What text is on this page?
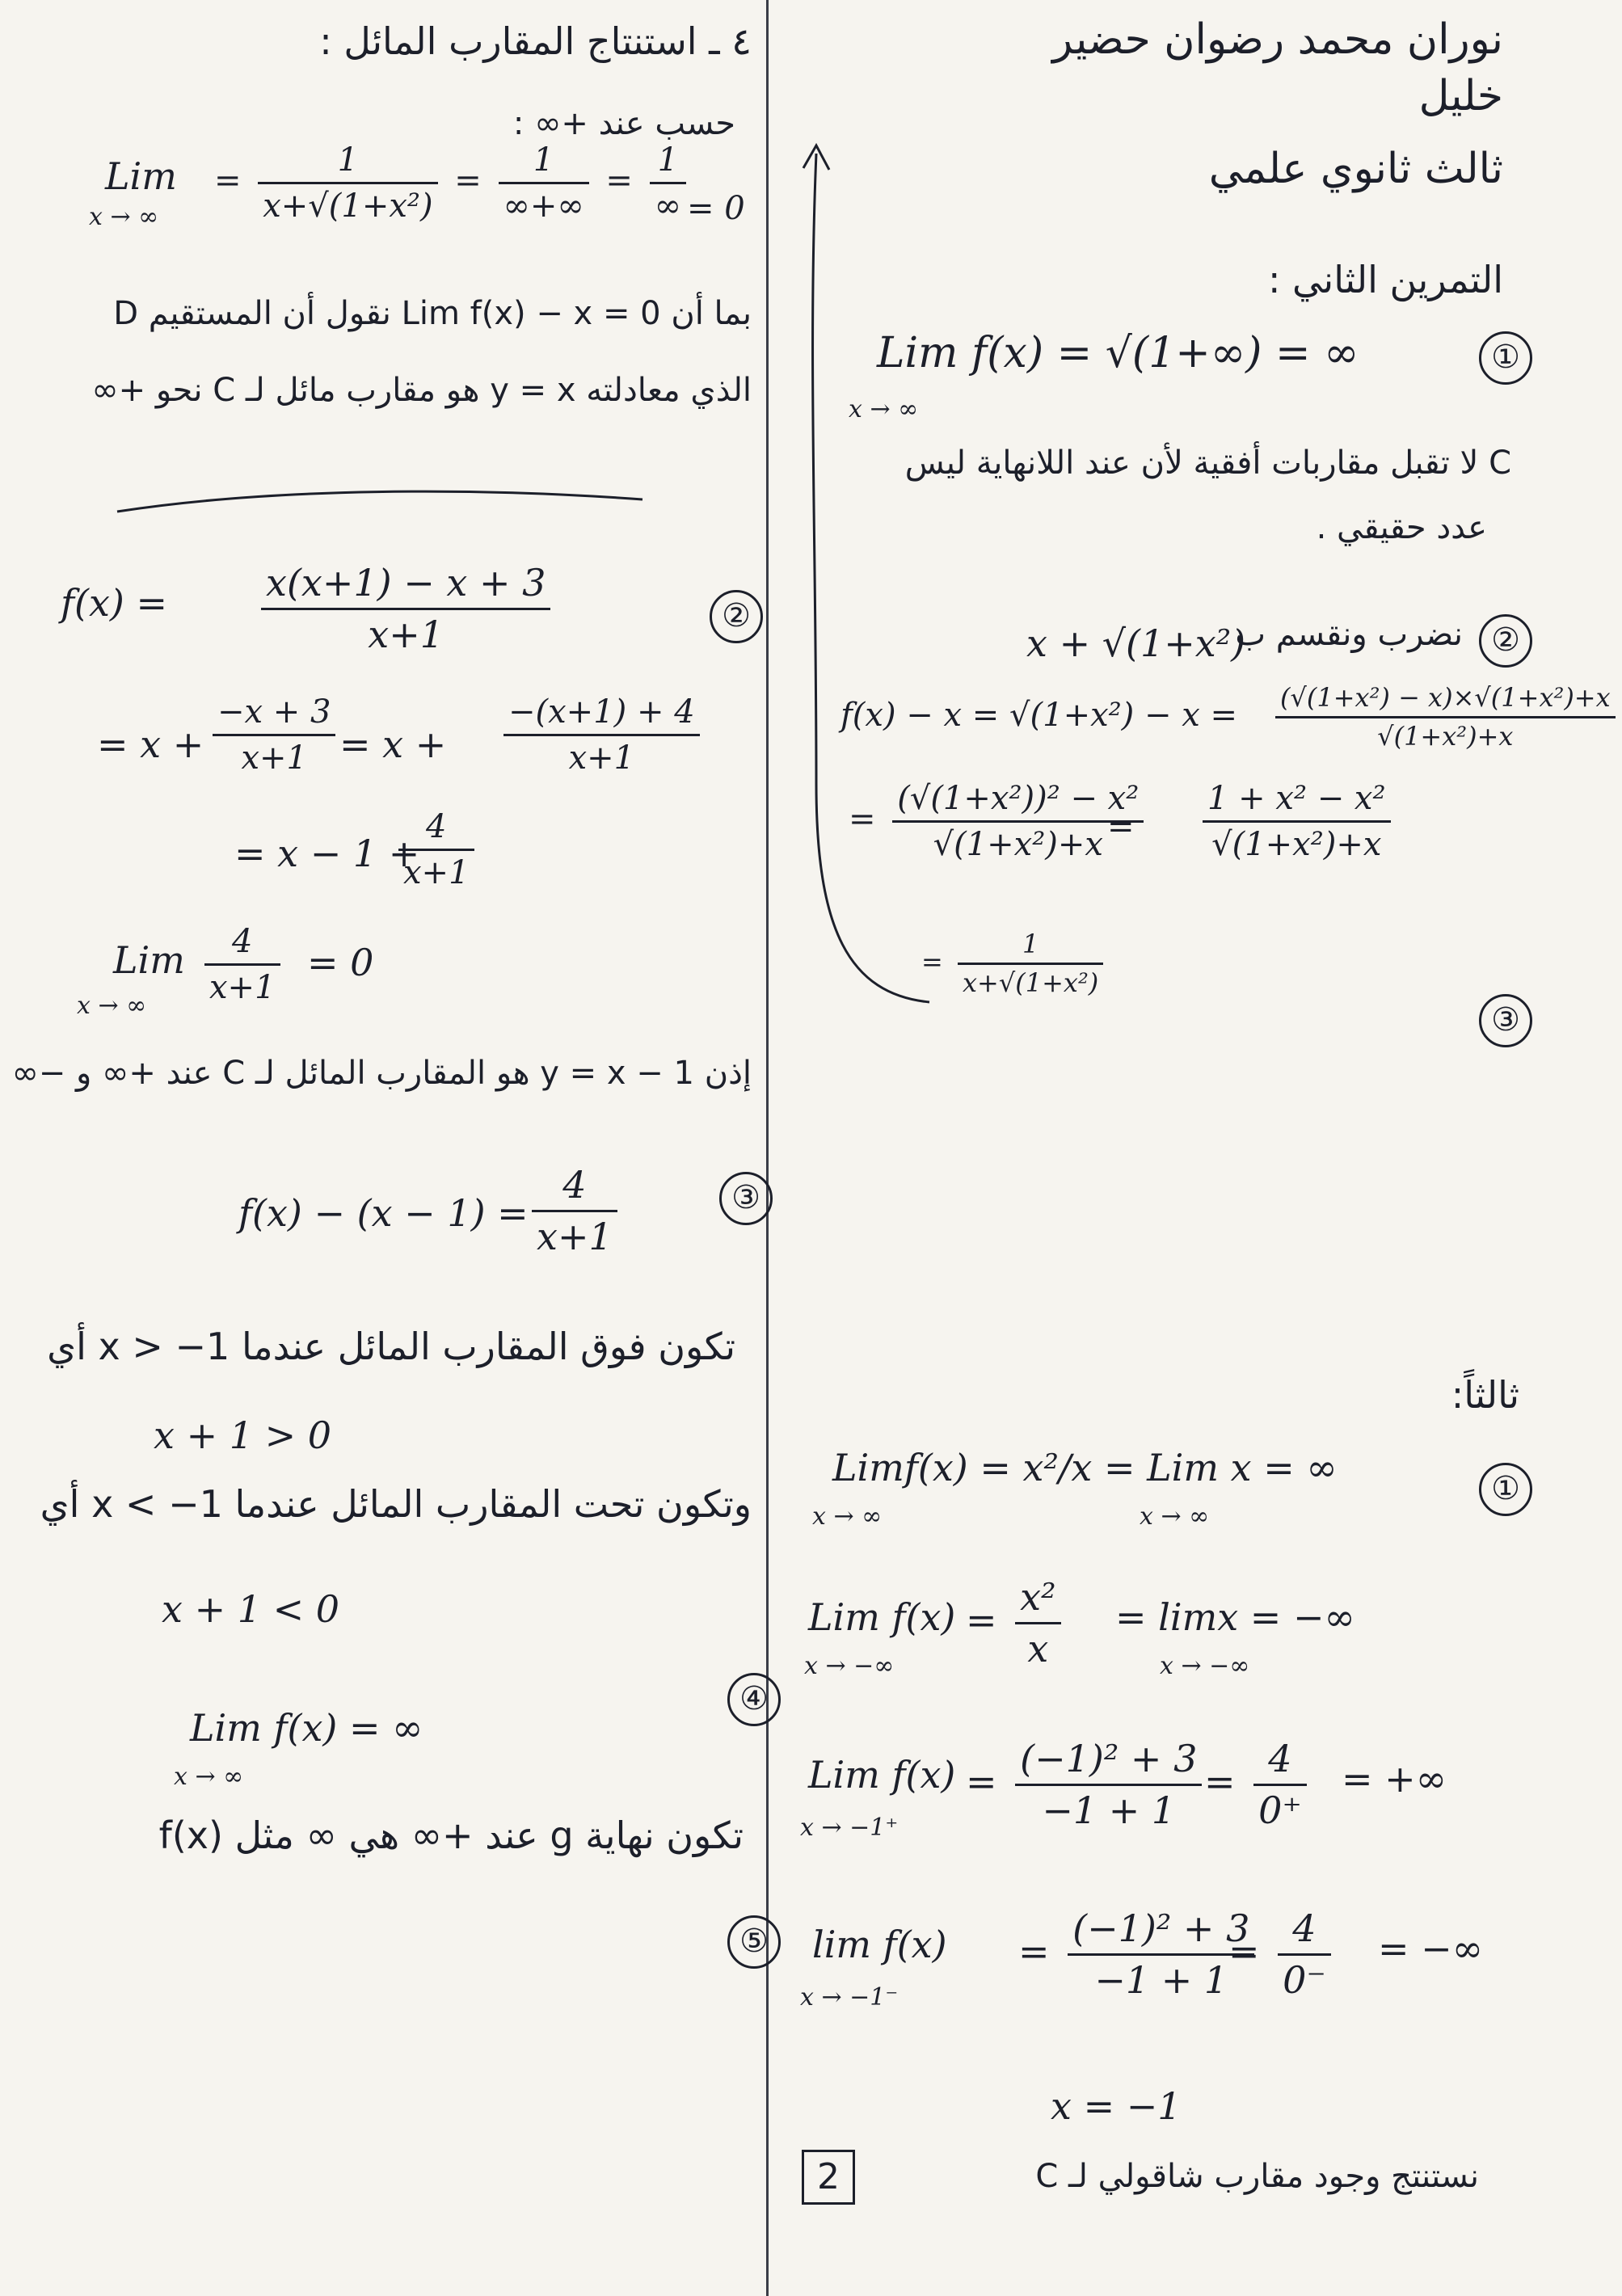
نوران محمد رضوان حضير
خليل
ثالث ثانوي علمي
التمرين الثاني :
①
Lim f(x) = √(1+∞) = ∞
x → ∞
C لا تقبل مقاربات أفقية لأن عند اللانهاية ليس
عدد حقيقي .
②
نضرب ونقسم ب
x + √(1+x²)
$f(x) - x = √(1+x^2) - x = \frac{\text{(√(1+x²) − x)×√(1+x²)+x}}{\text{√(1+x²)+x}}$
= $\frac{\text{(√(1+x²))² − x²}}{\text{√(1+x²)+x}}$
= $\frac{\text{1 + x² − x²}}{\text{√(1+x²)+x}}$
= $\frac{1}{\text{x+√(1+x²)}}$
③
ثالثاً:
①
Limf(x) = x²/x = Lim x = ∞
x → ∞	x → ∞
Lim f(x)
x → −∞
= $\frac{\text{x²}}{x} = \lim x$ = −∞
x → −∞
④
Lim f(x)
x → −1⁺
= $\frac{\text{(−1)² + 3}}{-1 + 1} = \frac{4}{0^+}$ = +∞
⑤	lim f(x)
x → −1⁻
= $\frac{\text{(−1)² + 3}}{-1 + 1}$
= $\frac{4}{0^-}$ = −∞
x = −1
نستنتج وجود مقارب شاقولي لـ C
2
٤ ـ استنتاج المقارب المائل :
حسب عند +∞ :
Lim
x → ∞
= $\frac{1}{\text{x+√(1+x²)}} = \frac{1}{\infty+\infty} = \frac{1}{\infty} = 0$
بما أن Lim f(x) − x = 0 نقول أن المستقيم D
الذي معادلته y = x هو مقارب مائل لـ C نحو +∞
②
f(x) =	$\frac{x(x+1) - x + 3}{x+1}$
= $x + \frac{-x + 3}{x+1} = x + \frac{-(x+1) + 4}{x+1}$
= x − 1 +
$\frac{4}{x+1}$
Lim
x → ∞ $\frac{4}{x+1} = 0$
إذن y = x − 1 هو المقارب المائل لـ C عند +∞ و −∞
③
$f(x) - (x - 1) = \frac{4}{x+1}$
تكون فوق المقارب المائل عندما x > −1 أي
x + 1 > 0
وتكون تحت المقارب المائل عندما x < −1 أي
x + 1 < 0
Lim f(x) = ∞
x → ∞
تكون نهاية g عند +∞ هي ∞ مثل f(x)
